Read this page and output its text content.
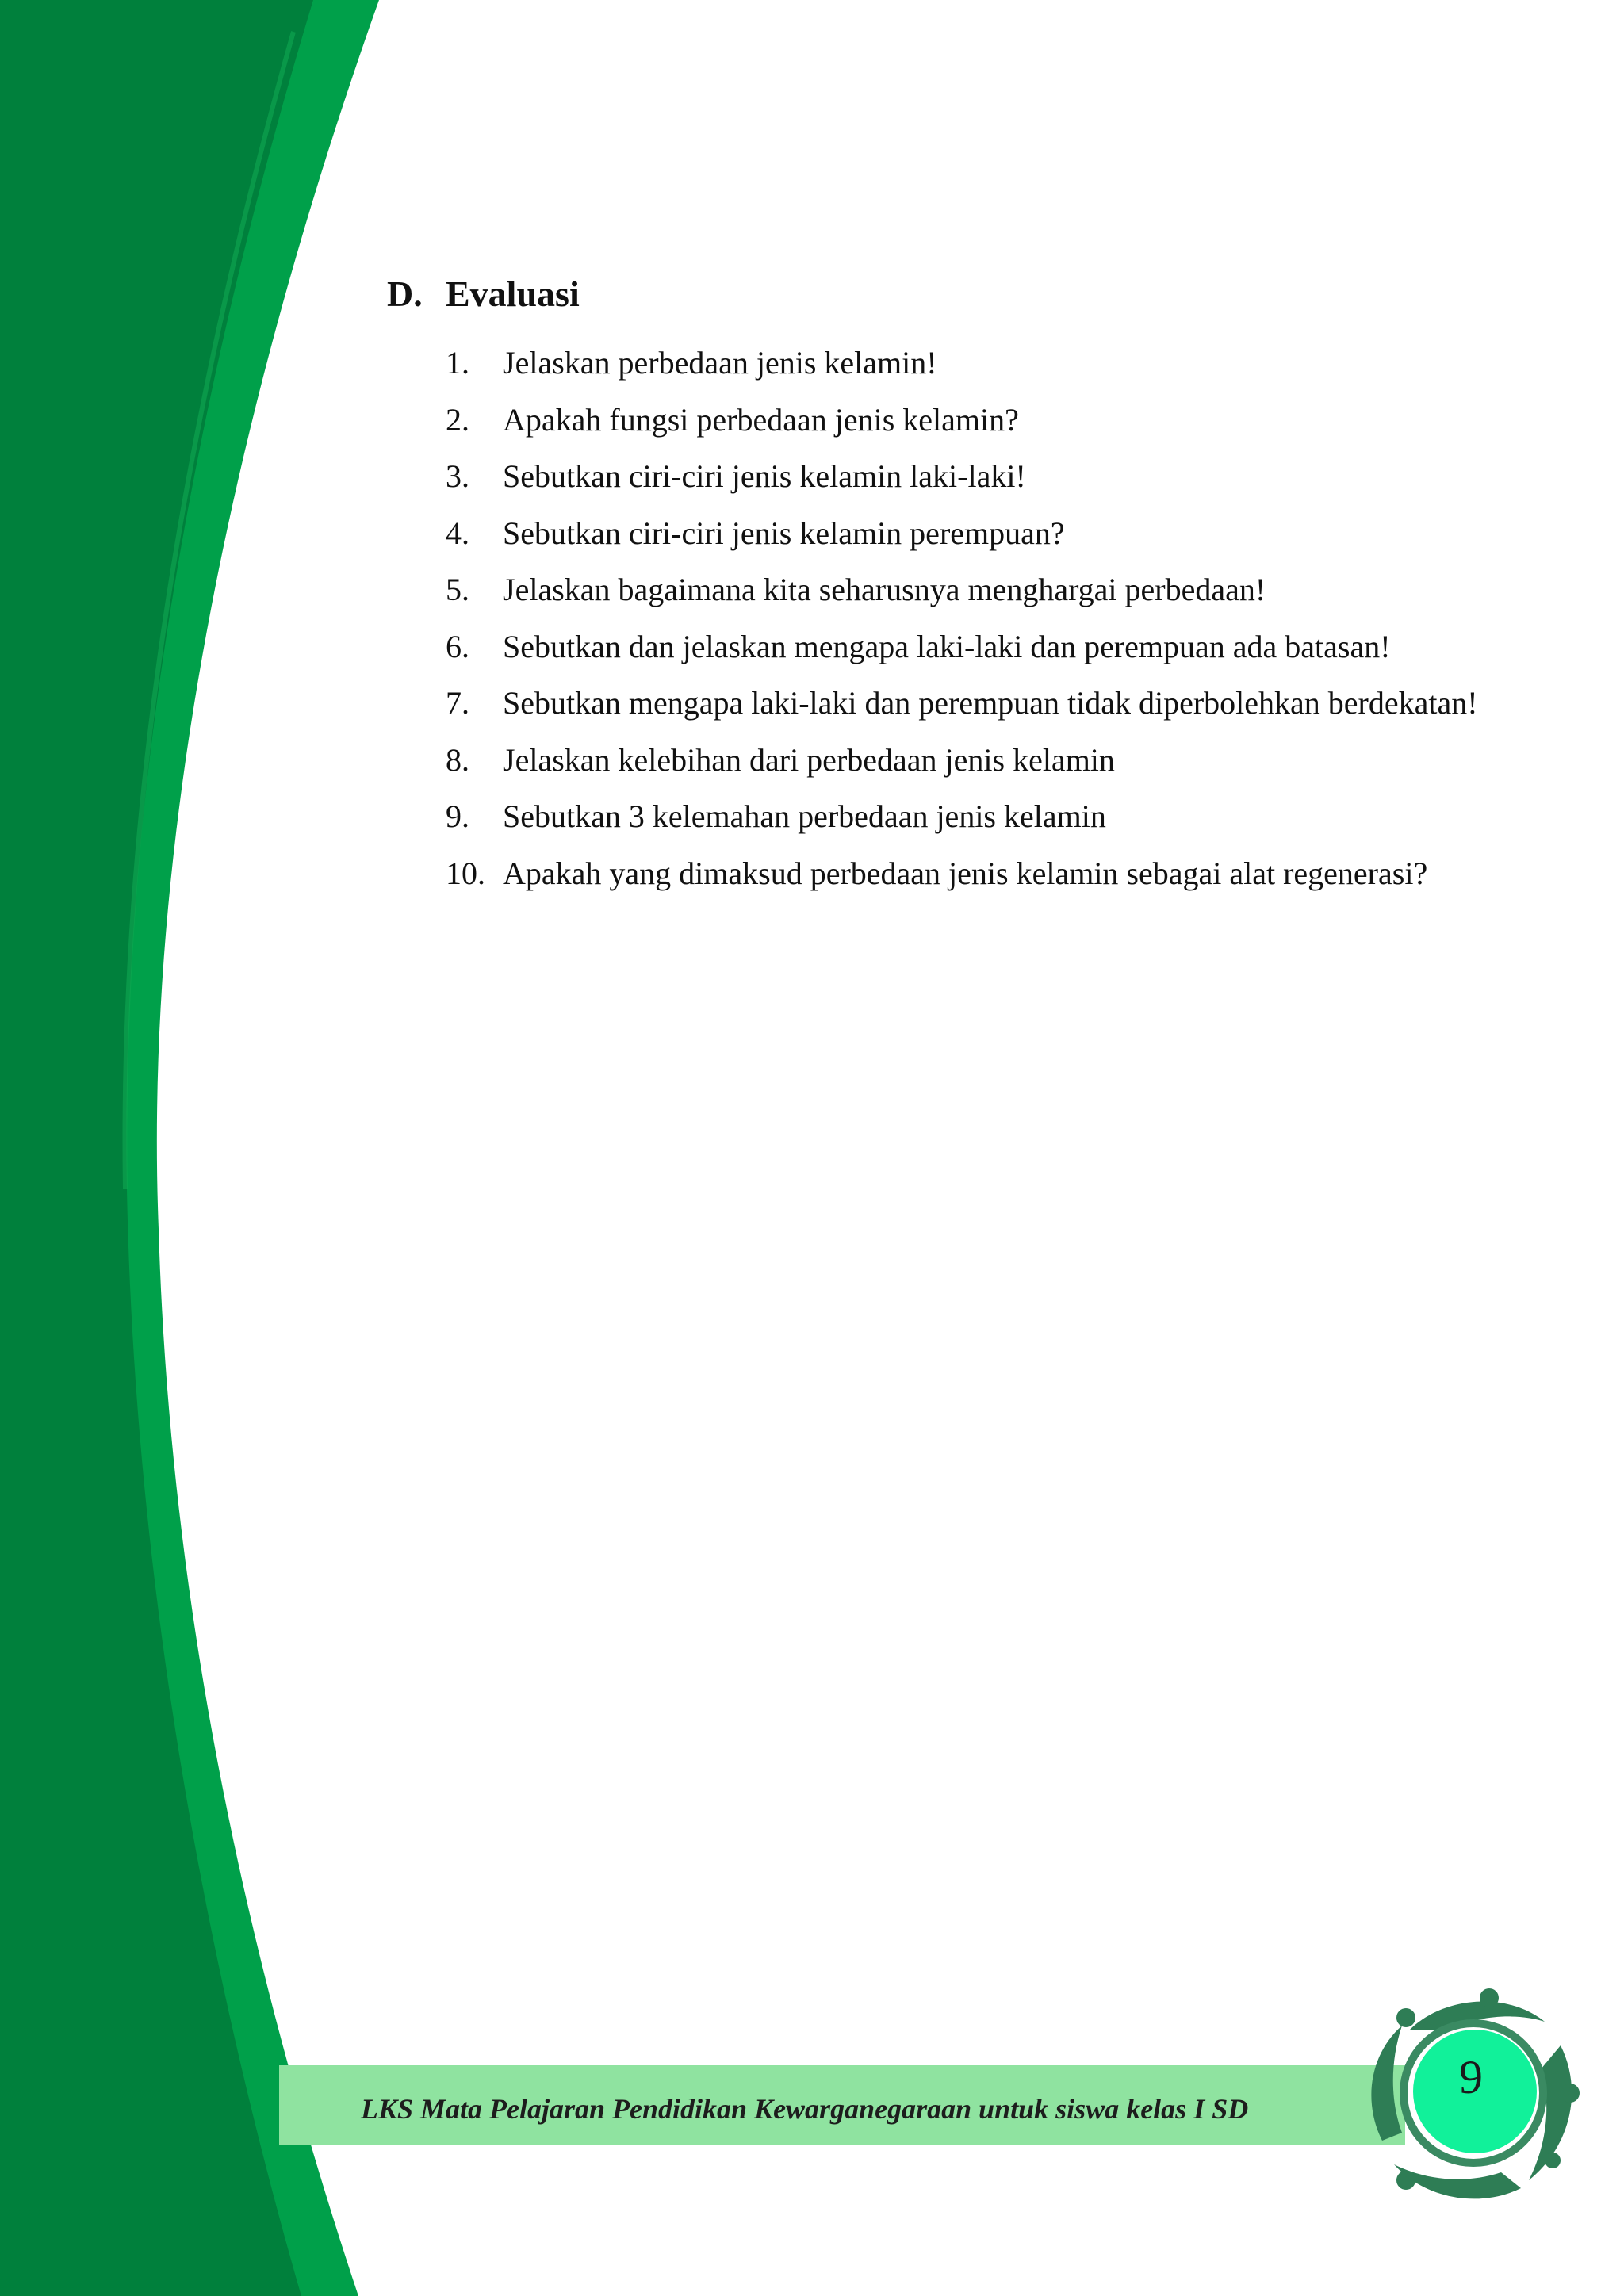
D. Evaluasi
1. Jelaskan perbedaan jenis kelamin!
2. Apakah fungsi perbedaan jenis kelamin?
3. Sebutkan ciri-ciri jenis kelamin laki-laki!
4. Sebutkan ciri-ciri jenis kelamin perempuan?
5. Jelaskan bagaimana kita seharusnya menghargai perbedaan!
6. Sebutkan dan jelaskan mengapa laki-laki dan perempuan ada batasan!
7. Sebutkan mengapa laki-laki dan perempuan tidak diperbolehkan berdekatan!
8. Jelaskan kelebihan dari perbedaan jenis kelamin
9. Sebutkan 3 kelemahan perbedaan jenis kelamin
10. Apakah yang dimaksud perbedaan jenis kelamin sebagai alat regenerasi?
LKS Mata Pelajaran Pendidikan Kewarganegaraan untuk siswa kelas I SD
9
